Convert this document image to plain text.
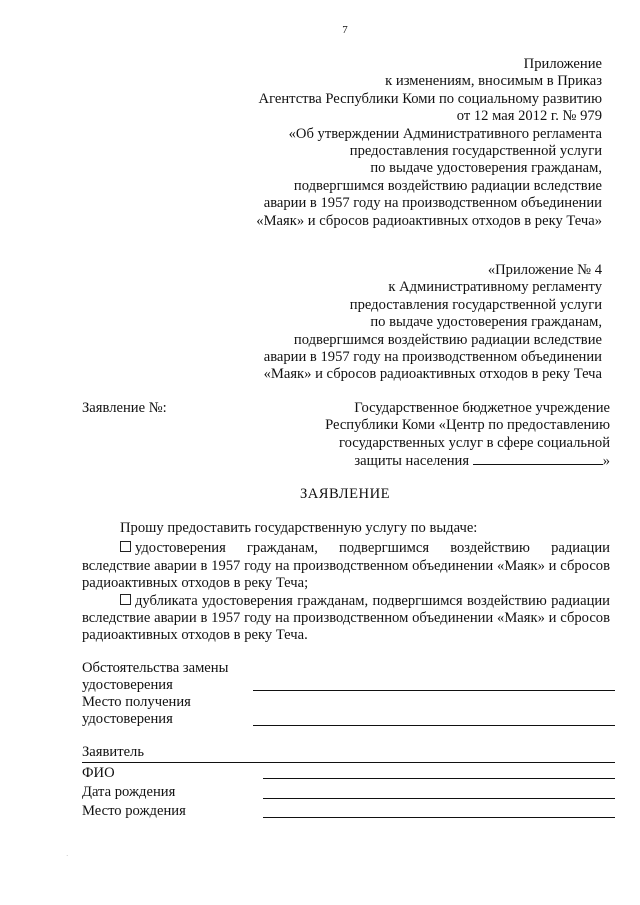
7
Приложение
к изменениям, вносимым в Приказ
Агентства Республики Коми по социальному развитию
от 12 мая 2012 г. № 979
«Об утверждении Административного регламента
предоставления государственной услуги
по выдаче удостоверения гражданам,
подвергшимся воздействию радиации вследствие
аварии в 1957 году на производственном объединении
«Маяк» и сбросов радиоактивных отходов в реку Теча»
«Приложение № 4
к Административному регламенту
предоставления государственной услуги
по выдаче удостоверения гражданам,
подвергшимся воздействию радиации вследствие
аварии в 1957 году на производственном объединении
«Маяк» и сбросов радиоактивных отходов в реку Теча
Заявление №:	Государственное бюджетное учреждение
Республики Коми «Центр по предоставлению
государственных услуг в сфере социальной
защиты населения	»
ЗАЯВЛЕНИЕ
Прошу предоставить государственную услугу по выдаче:
удостоверения гражданам, подвергшимся воздействию радиации вследствие аварии в 1957 году на производственном объединении «Маяк» и сбросов радиоактивных отходов в реку Теча;
дубликата удостоверения гражданам, подвергшимся воздействию радиации вследствие аварии в 1957 году на производственном объединении «Маяк» и сбросов радиоактивных отходов в реку Теча.
Обстоятельства замены
удостоверения
Место получения
удостоверения
Заявитель
ФИО
Дата рождения
Место рождения
·
